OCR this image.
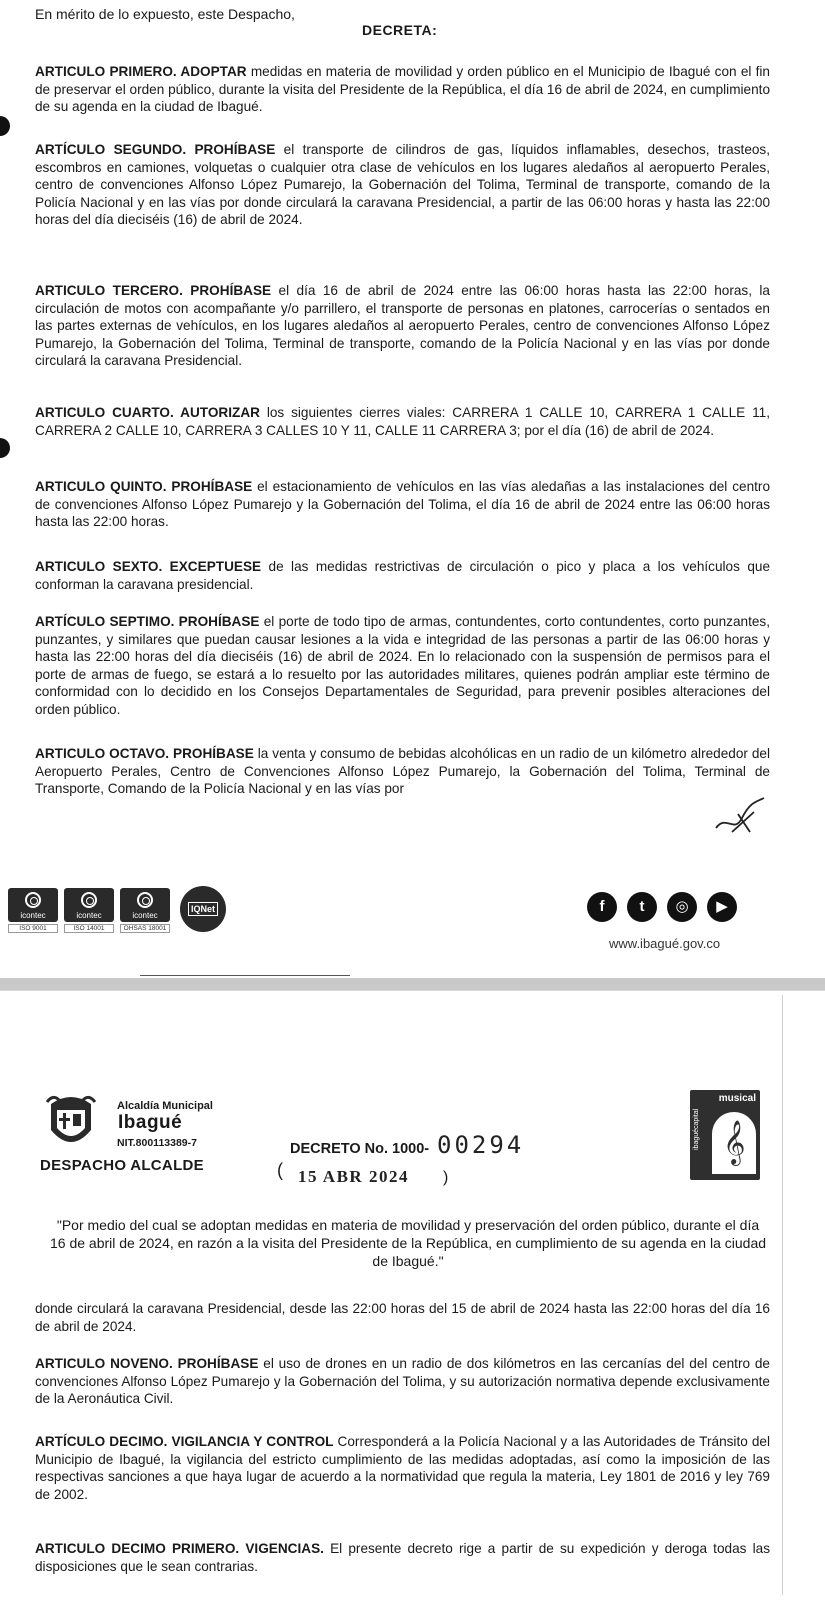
En mérito de lo expuesto, este Despacho,
DECRETA:

ARTICULO PRIMERO. ADOPTAR medidas en materia de movilidad y orden público en el Municipio de Ibagué con el fin de preservar el orden público, durante la visita del Presidente de la República, el día 16 de abril de 2024, en cumplimiento de su agenda en la ciudad de Ibagué.

ARTÍCULO SEGUNDO. PROHÍBASE el transporte de cilindros de gas, líquidos inflamables, desechos, trasteos, escombros en camiones, volquetas o cualquier otra clase de vehículos en los lugares aledaños al aeropuerto Perales, centro de convenciones Alfonso López Pumarejo, la Gobernación del Tolima, Terminal de transporte, comando de la Policía Nacional y en las vías por donde circulará la caravana Presidencial, a partir de las 06:00 horas y hasta las 22:00 horas del día dieciséis (16) de abril de 2024.

ARTICULO TERCERO. PROHÍBASE el día 16 de abril de 2024 entre las 06:00 horas hasta las 22:00 horas, la circulación de motos con acompañante y/o parrillero, el transporte de personas en platones, carrocerías o sentados en las partes externas de vehículos, en los lugares aledaños al aeropuerto Perales, centro de convenciones Alfonso López Pumarejo, la Gobernación del Tolima, Terminal de transporte, comando de la Policía Nacional y en las vías por donde circulará la caravana Presidencial.

ARTICULO CUARTO. AUTORIZAR los siguientes cierres viales: CARRERA 1 CALLE 10, CARRERA 1 CALLE 11, CARRERA 2 CALLE 10, CARRERA 3 CALLES 10 Y 11, CALLE 11 CARRERA 3; por el día (16) de abril de 2024.

ARTICULO QUINTO. PROHÍBASE el estacionamiento de vehículos en las vías aledañas a las instalaciones del centro de convenciones Alfonso López Pumarejo y la Gobernación del Tolima, el día 16 de abril de 2024 entre las 06:00 horas hasta las 22:00 horas.

ARTICULO SEXTO. EXCEPTUESE de las medidas restrictivas de circulación o pico y placa a los vehículos que conforman la caravana presidencial.

ARTÍCULO SEPTIMO. PROHÍBASE el porte de todo tipo de armas, contundentes, corto contundentes, corto punzantes, punzantes, y similares que puedan causar lesiones a la vida e integridad de las personas a partir de las 06:00 horas y hasta las 22:00 horas del día dieciséis (16) de abril de 2024. En lo relacionado con la suspensión de permisos para el porte de armas de fuego, se estará a lo resuelto por las autoridades militares, quienes podrán ampliar este término de conformidad con lo decidido en los Consejos Departamentales de Seguridad, para prevenir posibles alteraciones del orden público.

ARTICULO OCTAVO. PROHÍBASE la venta y consumo de bebidas alcohólicas en un radio de un kilómetro alrededor del Aeropuerto Perales, Centro de Convenciones Alfonso López Pumarejo, la Gobernación del Tolima, Terminal de Transporte, Comando de la Policía Nacional y en las vías por

icontec
ISO 9001
icontec
ISO 14001
icontec
OHSAS 18001
IQNet	f	t	◎	▶
www.ibagué.gov.co
Alcaldía Municipal
Ibagué
NIT.800113389-7
DESPACHO ALCALDE
DECRETO No. 1000- 00294
( 15 ABR 2024 )
musical
ibaguécapital 𝄞
"Por medio del cual se adoptan medidas en materia de movilidad y preservación del orden público, durante el día 16 de abril de 2024, en razón a la visita del Presidente de la República, en cumplimiento de su agenda en la ciudad de Ibagué."

donde circulará la caravana Presidencial, desde las 22:00 horas del 15 de abril de 2024 hasta las 22:00 horas del día 16 de abril de 2024.

ARTICULO NOVENO. PROHÍBASE el uso de drones en un radio de dos kilómetros en las cercanías del del centro de convenciones Alfonso López Pumarejo y la Gobernación del Tolima, y su autorización normativa depende exclusivamente de la Aeronáutica Civil.

ARTÍCULO DECIMO. VIGILANCIA Y CONTROL Corresponderá a la Policía Nacional y a las Autoridades de Tránsito del Municipio de Ibagué, la vigilancia del estricto cumplimiento de las medidas adoptadas, así como la imposición de las respectivas sanciones a que haya lugar de acuerdo a la normatividad que regula la materia, Ley 1801 de 2016 y ley 769 de 2002.

ARTICULO DECIMO PRIMERO. VIGENCIAS. El presente decreto rige a partir de su expedición y deroga todas las disposiciones que le sean contrarias.
